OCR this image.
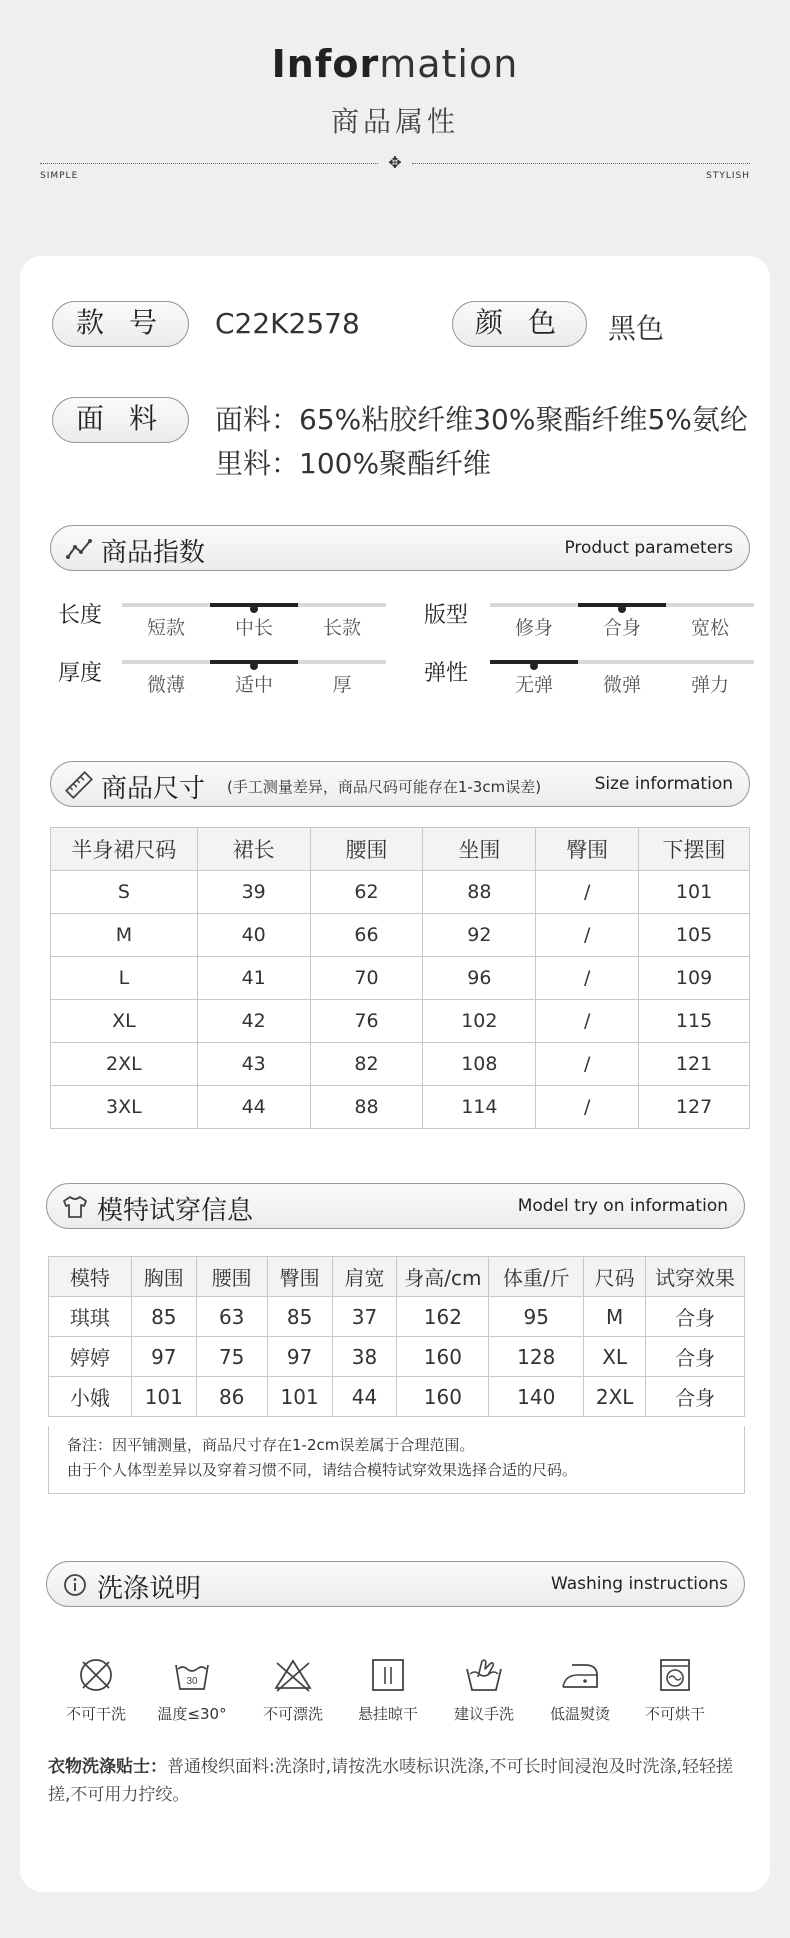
Information
商品属性
✥
SIMPLE	STYLISH
款 号	C22K2578	颜 色	黑色
面 料	面料：65%粘胶纤维30%聚酯纤维5%氨纶
里料：100%聚酯纤维
商品指数	Product parameters
长度	短款	中长	长款	版型	修身	合身	宽松
厚度	微薄	适中	厚	弹性	无弹	微弹	弹力
商品尺寸 (手工测量差异，商品尺码可能存在1-3cm误差)	Size information
半身裙尺码	裙长	腰围	坐围	臀围	下摆围
S	39	62	88	/	101
M	40	66	92	/	105
L	41	70	96	/	109
XL	42	76	102	/	115
2XL	43	82	108	/	121
3XL	44	88	114	/	127
模特试穿信息	Model try on information
模特	胸围	腰围	臀围	肩宽	身高/cm	体重/斤	尺码	试穿效果
琪琪	85	63	85	37	162	95	M	合身
婷婷	97	75	97	38	160	128	XL	合身
小娥	101	86	101	44	160	140	2XL	合身
备注：因平铺测量，商品尺寸存在1-2cm误差属于合理范围。
由于个人体型差异以及穿着习惯不同，请结合模特试穿效果选择合适的尺码。
洗涤说明	Washing instructions
不可干洗
30
温度≤30°	不可漂洗	悬挂晾干	建议手洗	低温熨烫	不可烘干
衣物洗涤贴士：普通梭织面料:洗涤时,请按洗水唛标识洗涤,不可长时间浸泡及时洗涤,轻轻搓搓,不可用力拧绞。
